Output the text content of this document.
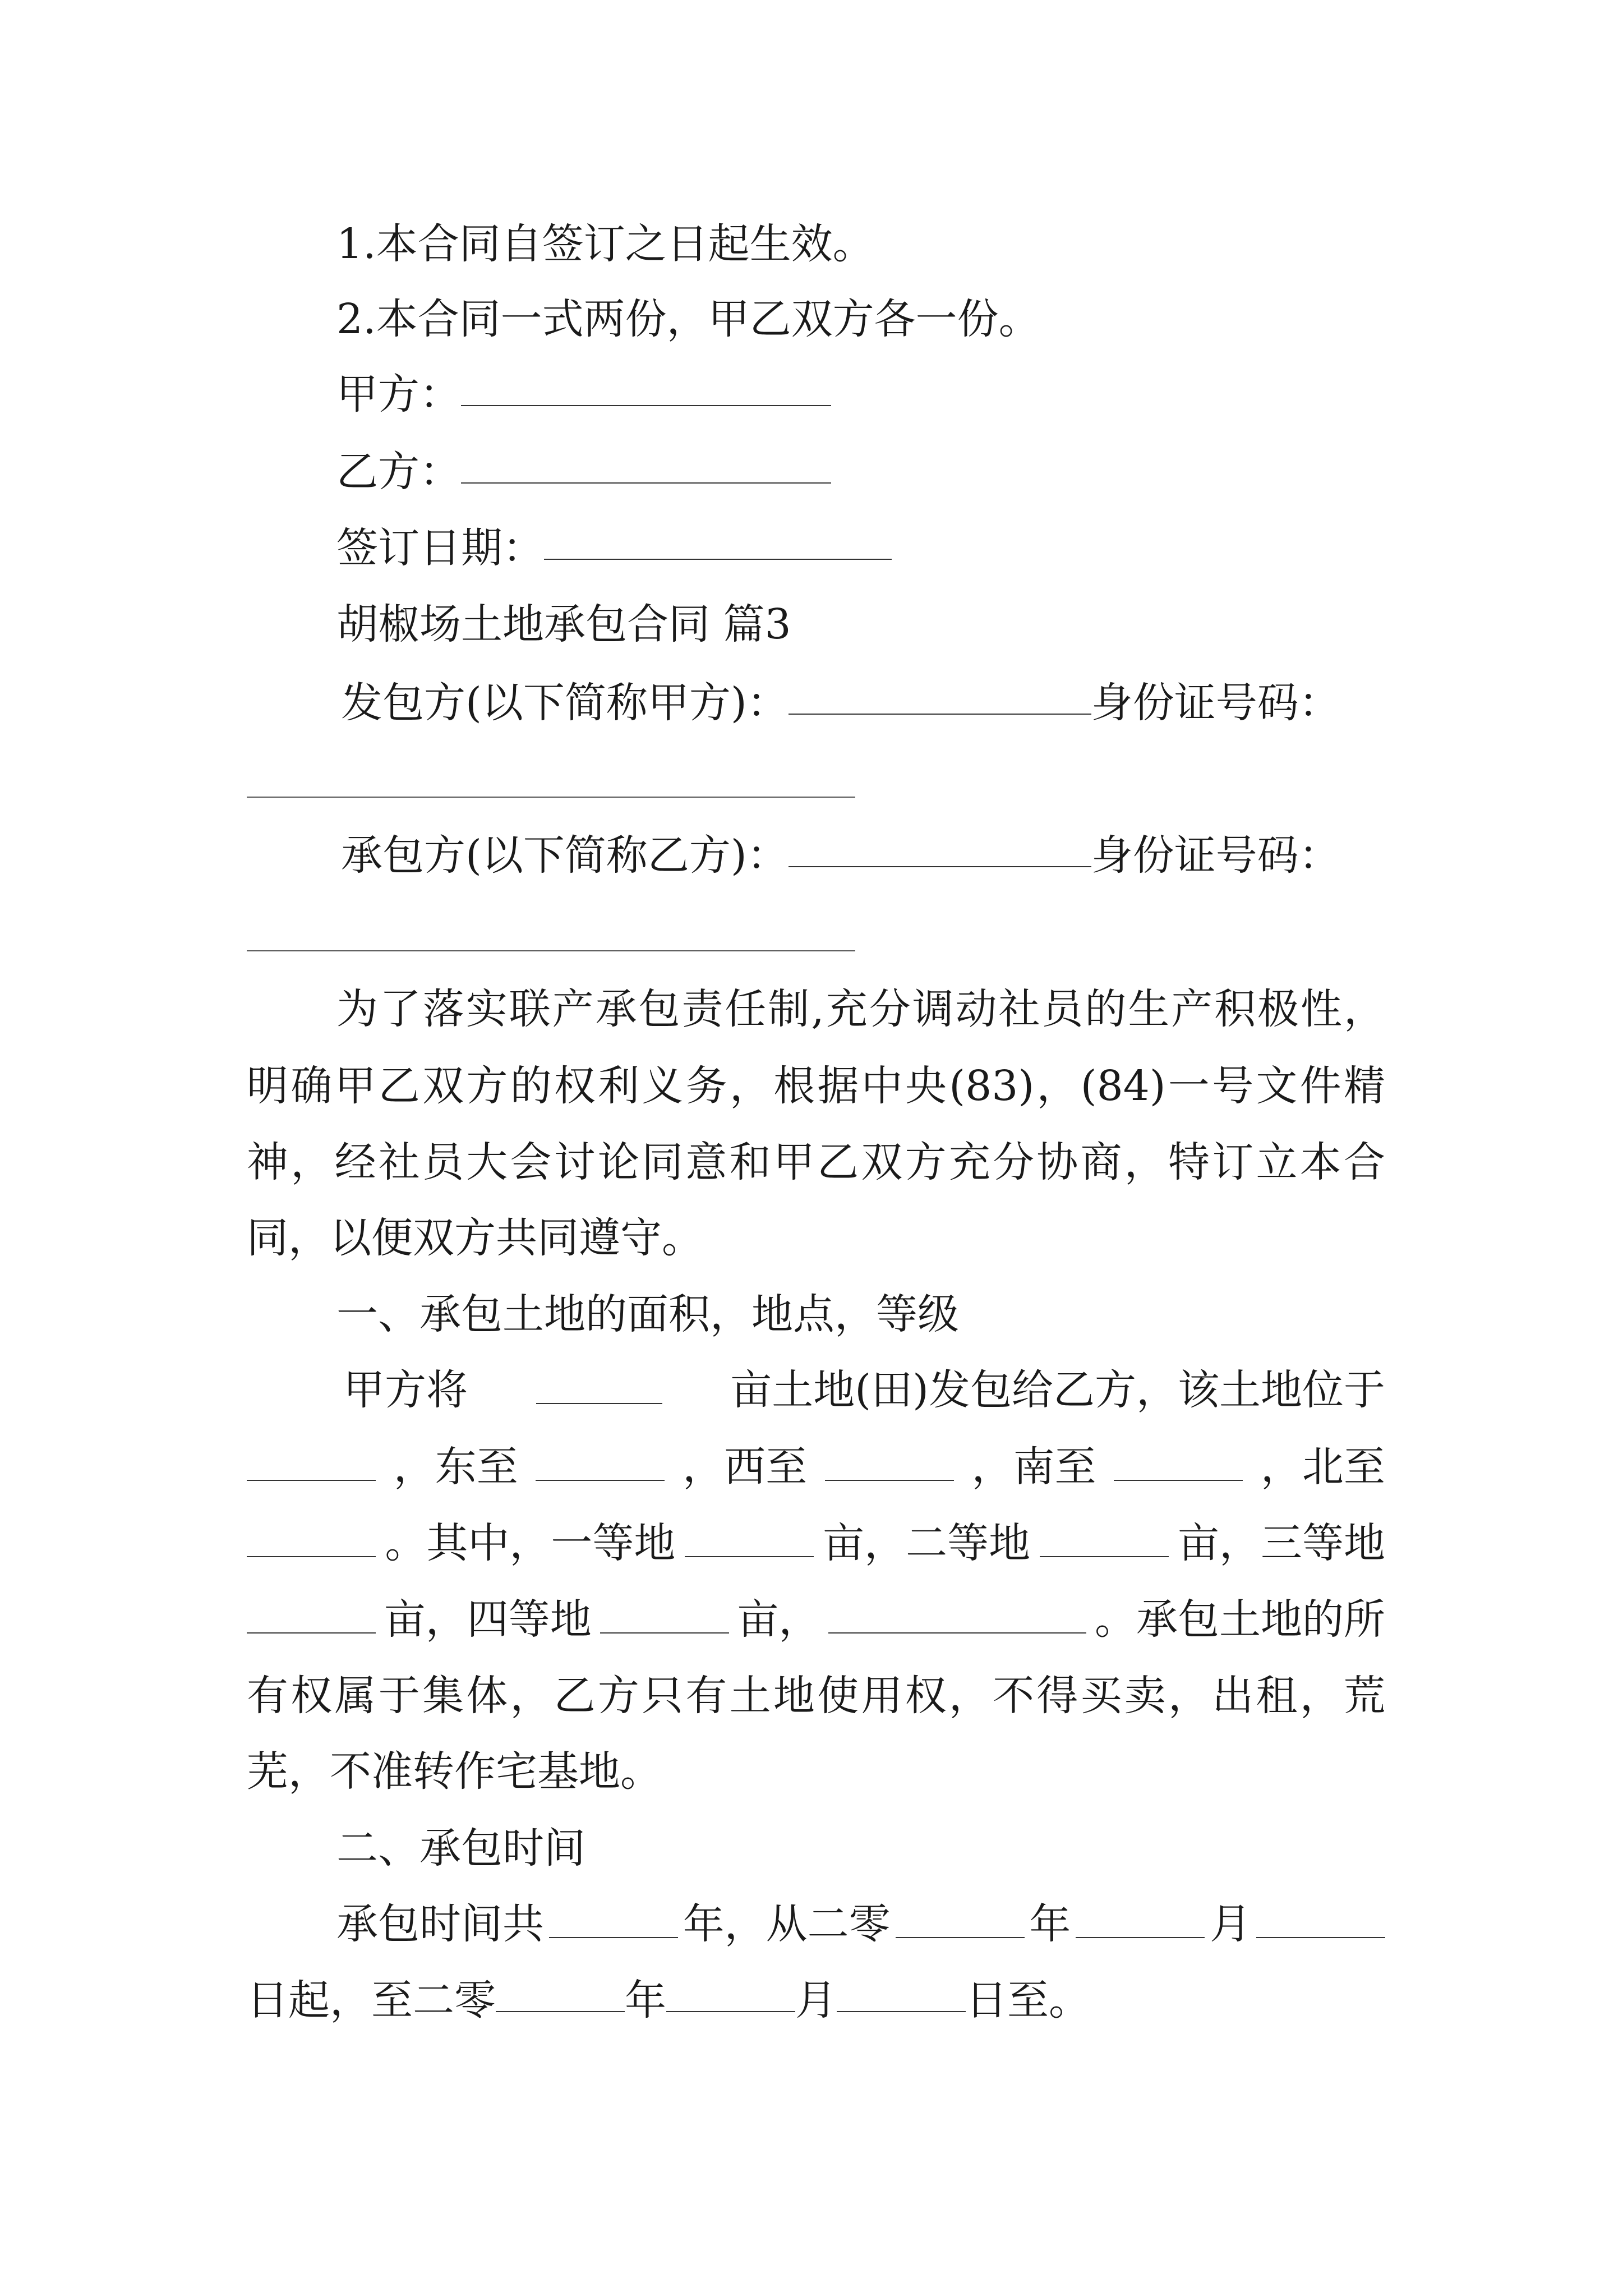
1.本合同自签订之日起生效。

2.本合同一式两份，甲乙双方各一份。

甲方：

乙方：

签订日期：

胡椒场土地承包合同 篇3

发包方(以下简称甲方)：	身份证号码：

承包方(以下简称乙方)：	身份证号码：

为了落实联产承包责任制,充分调动社员的生产积极性，

明确甲乙双方的权利义务，根据中央(83)，(84)一号文件精

神，经社员大会讨论同意和甲乙双方充分协商，特订立本合

同，以便双方共同遵守。

一、承包土地的面积，地点，等级

甲方将	亩土地(田)发包给乙方，该土地位于

，东至	，西至	，南至	，北至

。其中，一等地	亩，二等地	亩，三等地

亩，四等地	亩，	。承包土地的所

有权属于集体，乙方只有土地使用权，不得买卖，出租，荒

芜，不准转作宅基地。

二、承包时间

承包时间共	年，从二零	年	月

日起，至二零	年	月	日至。
